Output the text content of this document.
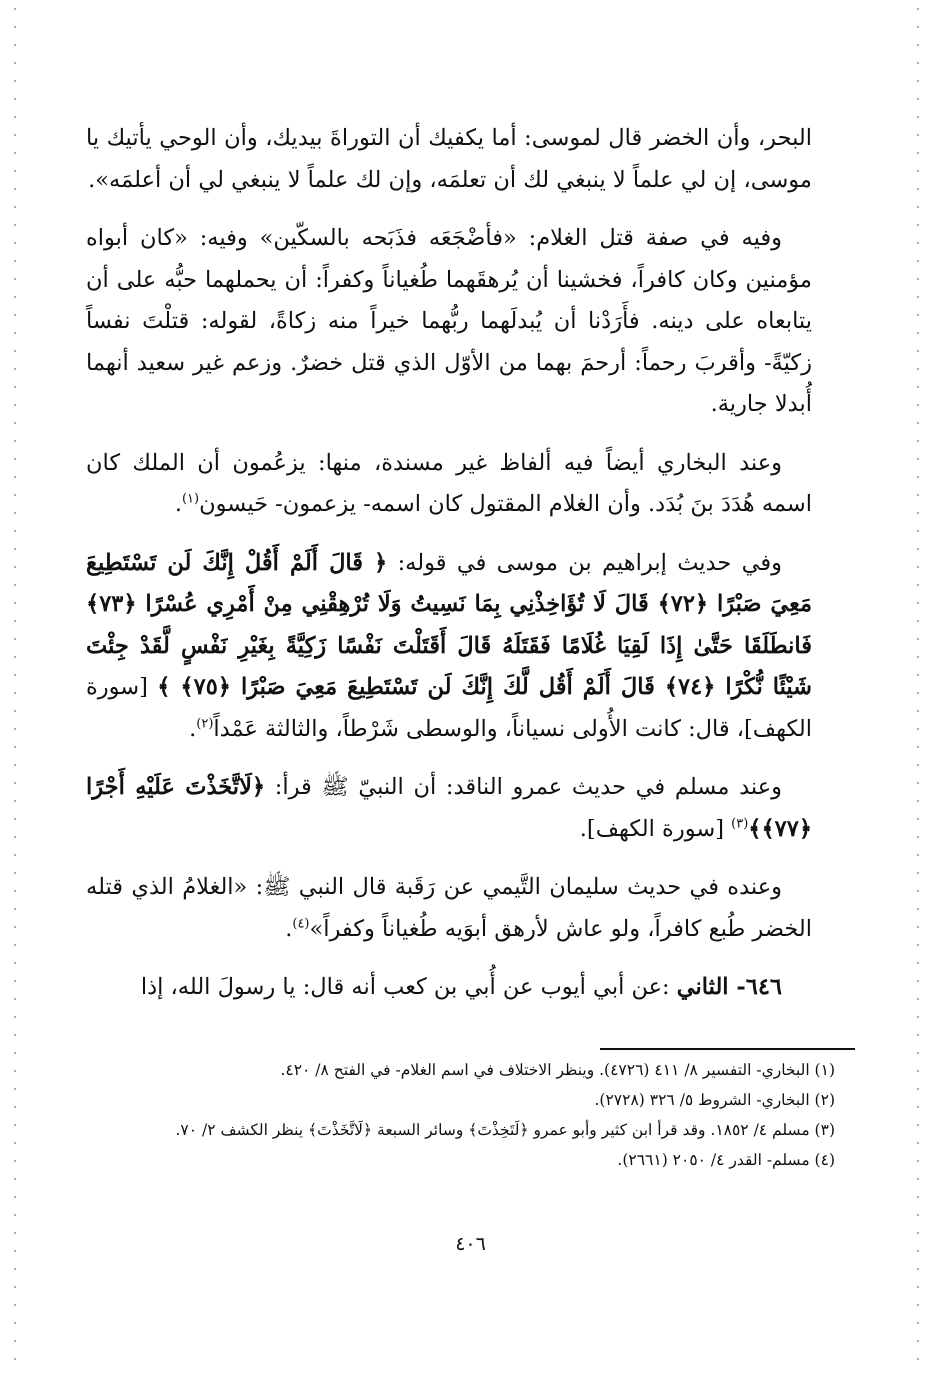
البحر، وأن الخضر قال لموسى: أما يكفيك أن التوراةَ بيديك، وأن الوحي يأتيك يا موسى، إن لي علماً لا ينبغي لك أن تعلمَه، وإن لك علماً لا ينبغي لي أن أعلمَه».

وفيه في صفة قتل الغلام: «فأضْجَعَه فذَبَحه بالسكّين» وفيه: «كان أبواه مؤمنين وكان كافراً، فخشينا أن يُرهقَهما طُغياناً وكفراً: أن يحملهما حبُّه على أن يتابعاه على دينه. فأَرَدْنا أن يُبدلَهما ربُّهما خيراً منه زكاةً، لقوله: قتلْتَ نفساً زكيّةً- وأقربَ رحماً: أرحمَ بهما من الأوّل الذي قتل خضرٌ. وزعم غير سعيد أنهما أُبدلا جارية.

وعند البخاري أيضاً فيه ألفاظ غير مسندة، منها: يزعُمون أن الملك كان اسمه هُدَدَ بنَ بُدَد. وأن الغلام المقتول كان اسمه- يزعمون- حَيسون$^{(١)}$.

وفي حديث إبراهيم بن موسى في قوله: ﴿ قَالَ أَلَمْ أَقُلْ إِنَّكَ لَن تَسْتَطِيعَ مَعِيَ صَبْرًا ﴿٧٢﴾ قَالَ لَا تُؤَاخِذْنِي بِمَا نَسِيتُ وَلَا تُرْهِقْنِي مِنْ أَمْرِي عُسْرًا ﴿٧٣﴾ فَانطَلَقَا حَتَّىٰ إِذَا لَقِيَا غُلَامًا فَقَتَلَهُ قَالَ أَقَتَلْتَ نَفْسًا زَكِيَّةً بِغَيْرِ نَفْسٍ لَّقَدْ جِئْتَ شَيْئًا نُّكْرًا ﴿٧٤﴾ قَالَ أَلَمْ أَقُل لَّكَ إِنَّكَ لَن تَسْتَطِيعَ مَعِيَ صَبْرًا ﴿٧٥﴾ ﴾ [سورة الكهف]، قال: كانت الأُولى نسياناً، والوسطى شَرْطاً، والثالثة عَمْداً$^{(٢)}$.

وعند مسلم في حديث عمرو الناقد: أن النبيّ ﷺ قرأ: ﴿لَاتَّخَذْتَ عَلَيْهِ أَجْرًا ﴿٧٧﴾﴾$^{(٣)}$ [سورة الكهف].

وعنده في حديث سليمان التَّيمي عن رَقَبة قال النبي ﷺ: «الغلامُ الذي قتله الخضر طُبع كافراً، ولو عاش لأرهق أبوَيه طُغياناً وكفراً»$^{(٤)}$.

٦٤٦- الثاني :عن أبي أيوب عن أُبي بن كعب أنه قال: يا رسولَ الله، إذا

(١) البخاري- التفسير ٨/ ٤١١ (٤٧٢٦). وينظر الاختلاف في اسم الغلام- في الفتح ٨/ ٤٢٠.

(٢) البخاري- الشروط ٥/ ٣٢٦ (٢٧٢٨).

(٣) مسلم ٤/ ١٨٥٢. وقد قرأ ابن كثير وأبو عمرو ﴿لَتَخِذْتَ﴾ وسائر السبعة ﴿لَاتَّخَذْتَ﴾ ينظر الكشف ٢/ ٧٠.

(٤) مسلم- القدر ٤/ ٢٠٥٠ (٢٦٦١).

٤٠٦
